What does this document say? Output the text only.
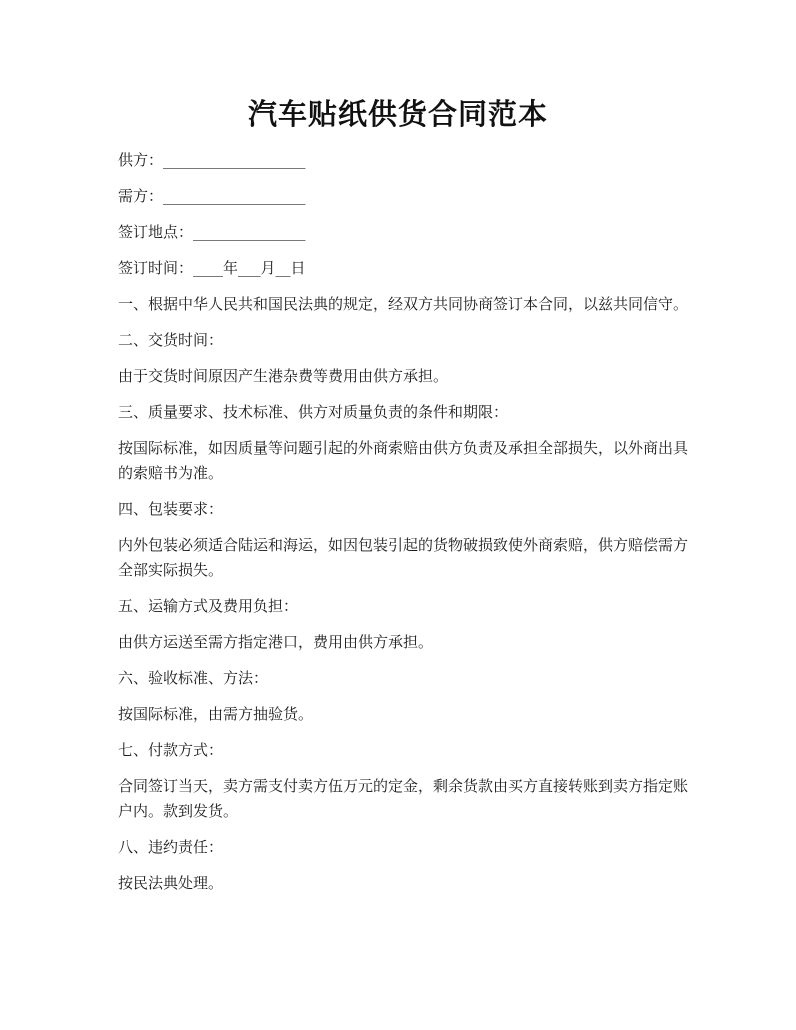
汽车贴纸供货合同范本

供方：___________________

需方：___________________

签订地点：_______________

签订时间：____年___月__日

一、根据中华人民共和国民法典的规定，经双方共同协商签订本合同，以兹共同信守。

二、交货时间：

由于交货时间原因产生港杂费等费用由供方承担。

三、质量要求、技术标准、供方对质量负责的条件和期限：

按国际标准，如因质量等问题引起的外商索赔由供方负责及承担全部损失，以外商出具的索赔书为准。

四、包装要求：

内外包装必须适合陆运和海运，如因包装引起的货物破损致使外商索赔，供方赔偿需方全部实际损失。

五、运输方式及费用负担：

由供方运送至需方指定港口，费用由供方承担。

六、验收标准、方法：

按国际标准，由需方抽验货。

七、付款方式：

合同签订当天，卖方需支付卖方伍万元的定金，剩余货款由买方直接转账到卖方指定账户内。款到发货。

八、违约责任：

按民法典处理。
